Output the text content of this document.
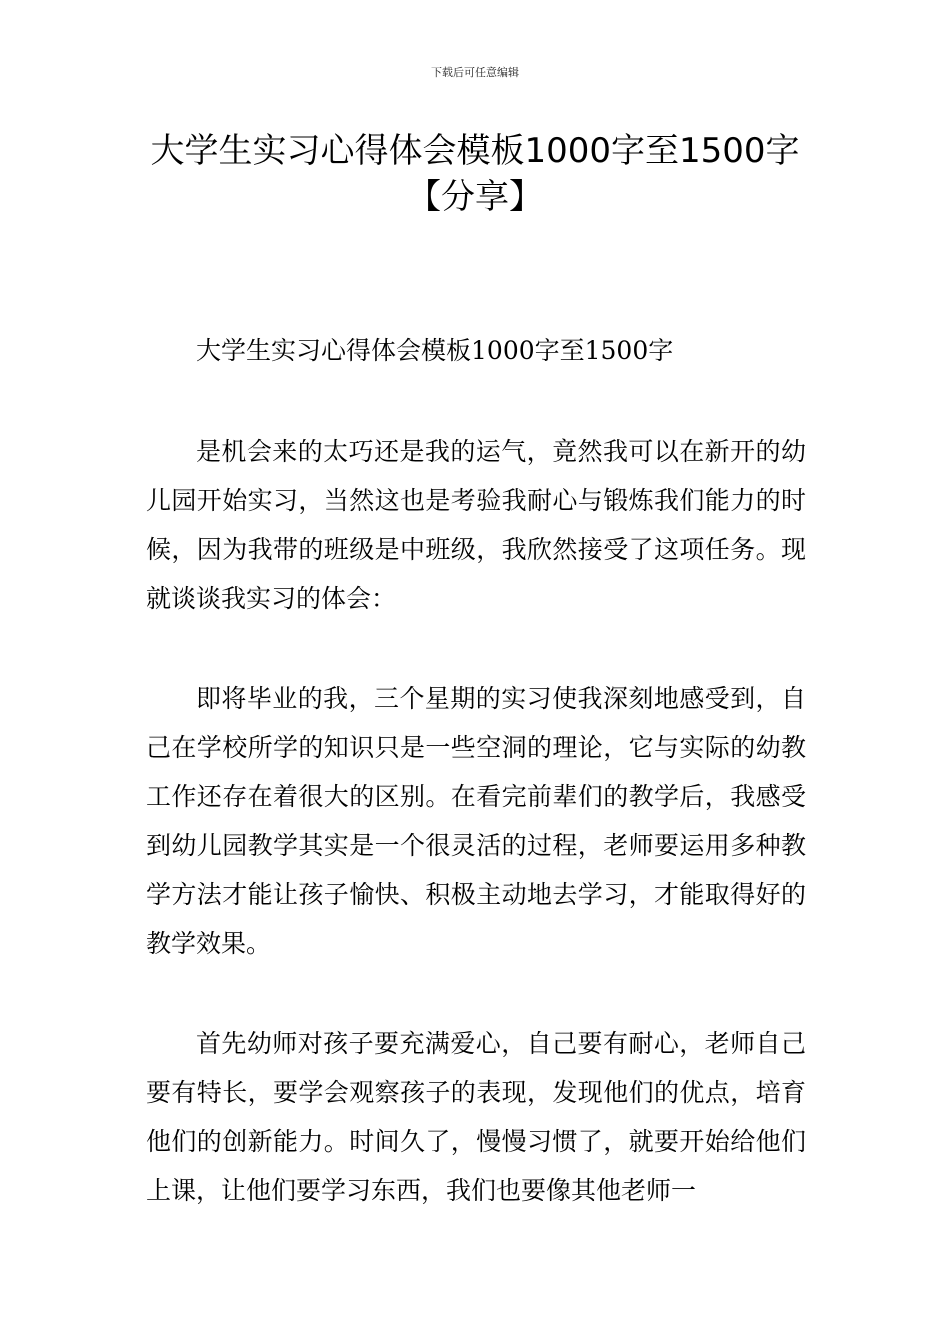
下载后可任意编辑
大学生实习心得体会模板1000字至1500字
【分享】

大学生实习心得体会模板1000字至1500字

是机会来的太巧还是我的运气，竟然我可以在新开的幼儿园开始实习，当然这也是考验我耐心与锻炼我们能力的时候，因为我带的班级是中班级，我欣然接受了这项任务。现就谈谈我实习的体会：

即将毕业的我，三个星期的实习使我深刻地感受到，自己在学校所学的知识只是一些空洞的理论，它与实际的幼教工作还存在着很大的区别。在看完前辈们的教学后，我感受到幼儿园教学其实是一个很灵活的过程，老师要运用多种教学方法才能让孩子愉快、积极主动地去学习，才能取得好的教学效果。

首先幼师对孩子要充满爱心，自己要有耐心，老师自己要有特长，要学会观察孩子的表现，发现他们的优点，培育他们的创新能力。时间久了，慢慢习惯了，就要开始给他们上课，让他们要学习东西，我们也要像其他老师一
